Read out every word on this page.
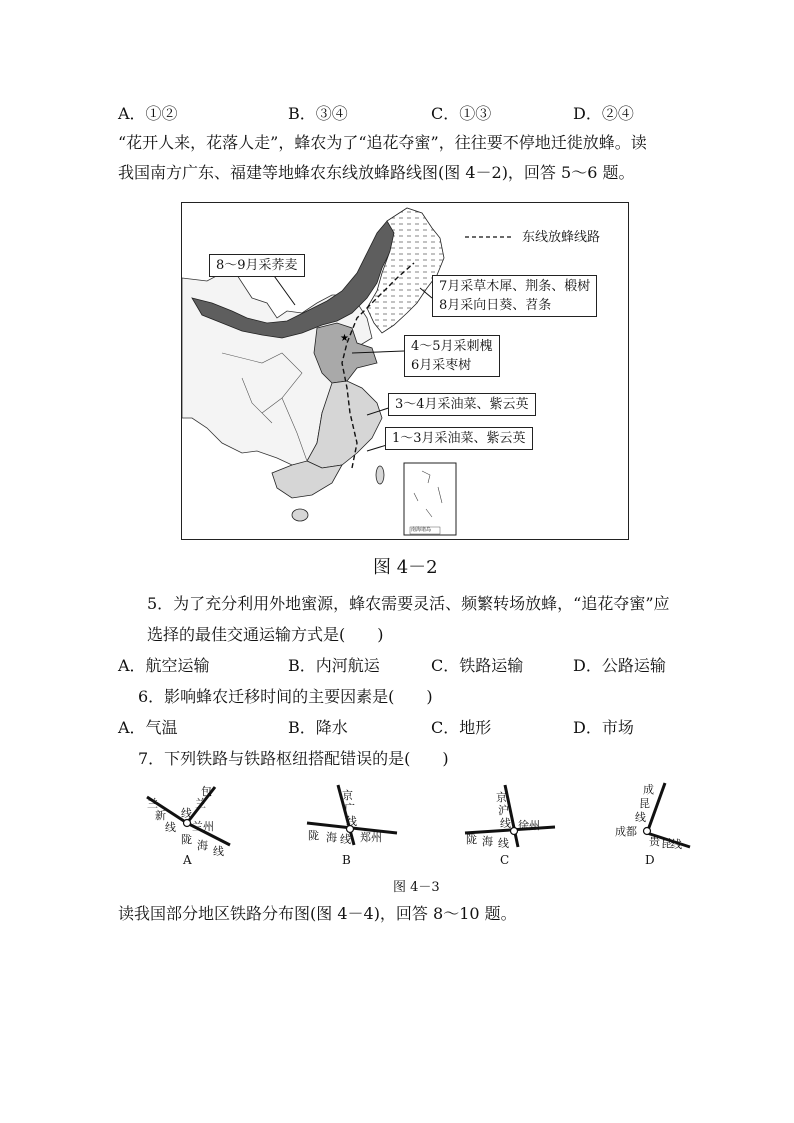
A．①②	B．③④	C．①③	D．②④
“花开人来，花落人走”，蜂农为了“追花夺蜜”，往往要不停地迁徙放蜂。读
我国南方广东、福建等地蜂农东线放蜂路线图(图 4－2)，回答 5～6 题。
★
东线放蜂线路
8～9月采荞麦
7月采草木犀、荆条、椴树
8月采向日葵、苕条
4～5月采刺槐
6月采枣树
3～4月采油菜、紫云英
1～3月采油菜、紫云英
南海诸岛
图 4－2
5．为了充分利用外地蜜源，蜂农需要灵活、频繁转场放蜂，“追花夺蜜”应
选择的最佳交通运输方式是(　　)
A．航空运输	B．内河航运	C．铁路运输	D．公路运输
6．影响蜂农迁移时间的主要因素是(　　)
A．气温	B．降水	C．地形	D．市场
7．下列铁路与铁路枢纽搭配错误的是(　　)
兰
新
线
包
兰
线
兰州
陇 海 线
A
京
广
线
陇 海 线 郑州
B
京
沪
线 徐州
陇 海 线
C
成
昆
线
成都
贵 昆 线
D
图 4－3
读我国部分地区铁路分布图(图 4－4)，回答 8～10 题。
